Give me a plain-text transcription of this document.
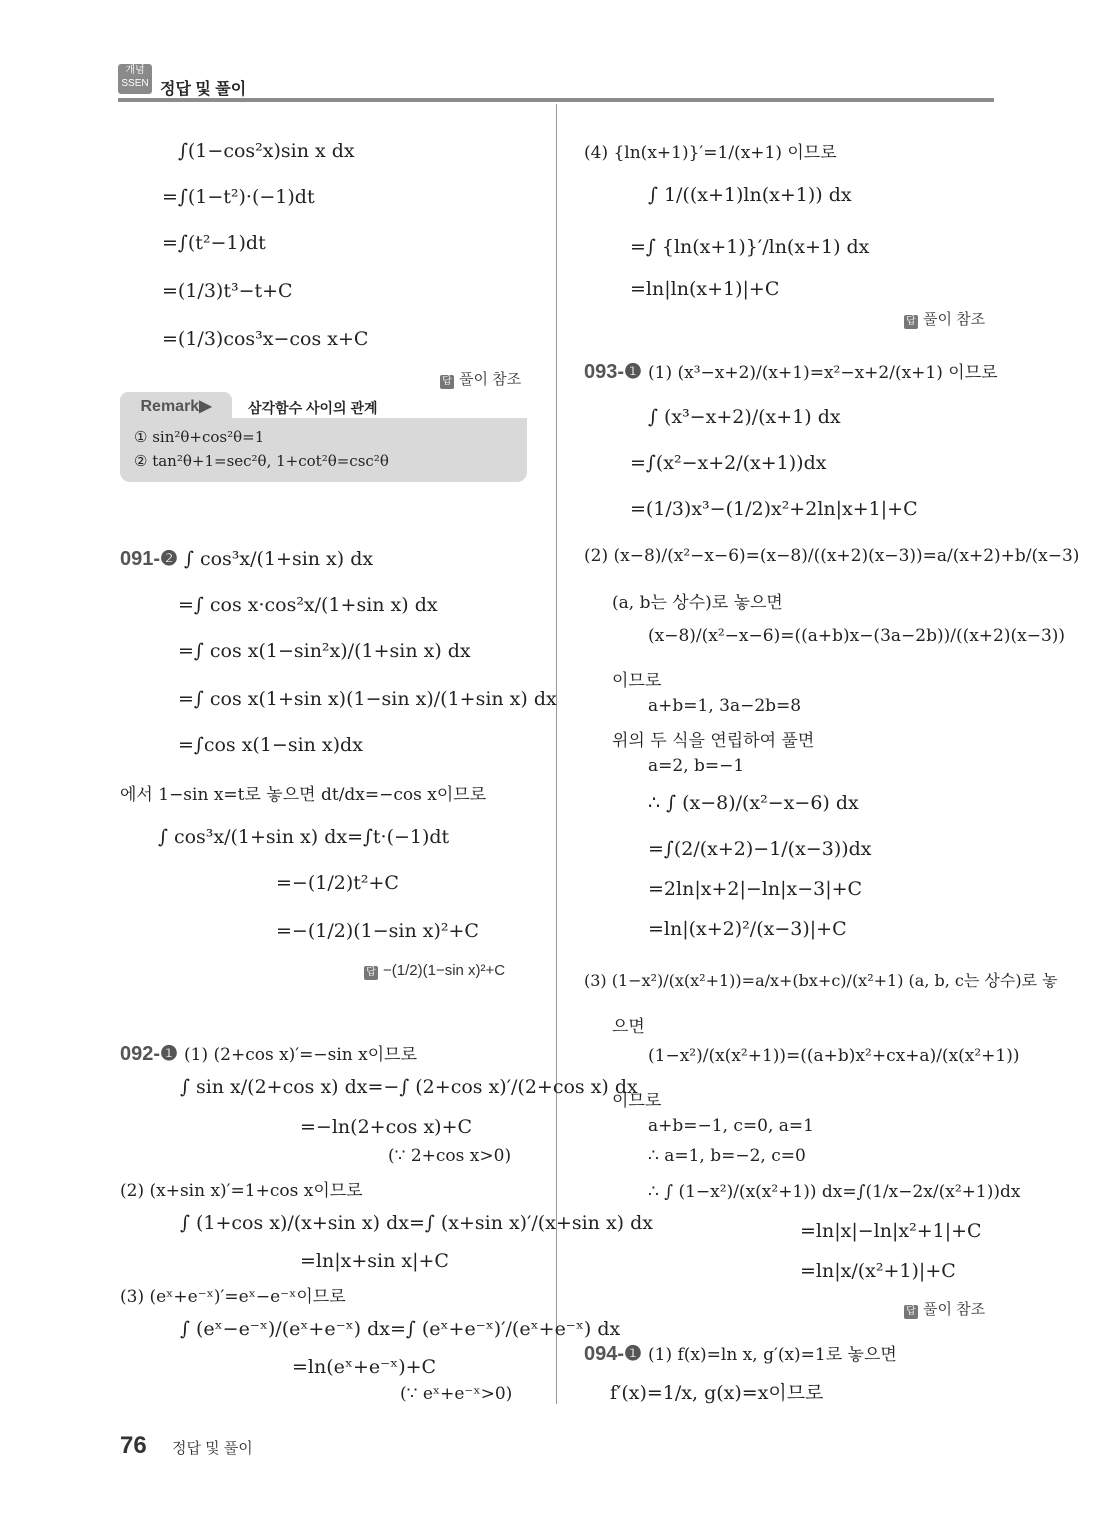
개념 SSEN 정답 및 풀이
∫(1−cos²x)sin x dx
=∫(1−t²)·(−1)dt
=∫(t²−1)dt
=(1/3)t³−t+C
=(1/3)cos³x−cos x+C
답 풀이 참조
Remark▶	삼각함수 사이의 관계
① sin²θ+cos²θ=1
② tan²θ+1=sec²θ, 1+cot²θ=csc²θ
091-❷ ∫ cos³x/(1+sin x) dx
=∫ cos x·cos²x/(1+sin x) dx
=∫ cos x(1−sin²x)/(1+sin x) dx
=∫ cos x(1+sin x)(1−sin x)/(1+sin x) dx
=∫cos x(1−sin x)dx
에서 1−sin x=t로 놓으면 dt/dx=−cos x이므로
∫ cos³x/(1+sin x) dx=∫t·(−1)dt
=−(1/2)t²+C
=−(1/2)(1−sin x)²+C
답 −(1/2)(1−sin x)²+C
092-❶ (1) (2+cos x)′=−sin x이므로
∫ sin x/(2+cos x) dx=−∫ (2+cos x)′/(2+cos x) dx
=−ln(2+cos x)+C
(∵ 2+cos x>0)
(2) (x+sin x)′=1+cos x이므로
∫ (1+cos x)/(x+sin x) dx=∫ (x+sin x)′/(x+sin x) dx
=ln|x+sin x|+C
(3) (eˣ+e⁻ˣ)′=eˣ−e⁻ˣ이므로
∫ (eˣ−e⁻ˣ)/(eˣ+e⁻ˣ) dx=∫ (eˣ+e⁻ˣ)′/(eˣ+e⁻ˣ) dx
=ln(eˣ+e⁻ˣ)+C
(∵ eˣ+e⁻ˣ>0)
(4) {ln(x+1)}′=1/(x+1) 이므로
∫ 1/((x+1)ln(x+1)) dx
=∫ {ln(x+1)}′/ln(x+1) dx
=ln|ln(x+1)|+C
답 풀이 참조
093-❶ (1) (x³−x+2)/(x+1)=x²−x+2/(x+1) 이므로
∫ (x³−x+2)/(x+1) dx
=∫(x²−x+2/(x+1))dx
=(1/3)x³−(1/2)x²+2ln|x+1|+C
(2) (x−8)/(x²−x−6)=(x−8)/((x+2)(x−3))=a/(x+2)+b/(x−3)
(a, b는 상수)로 놓으면
(x−8)/(x²−x−6)=((a+b)x−(3a−2b))/((x+2)(x−3))
이므로
a+b=1, 3a−2b=8
위의 두 식을 연립하여 풀면
a=2, b=−1
∴ ∫ (x−8)/(x²−x−6) dx
=∫(2/(x+2)−1/(x−3))dx
=2ln|x+2|−ln|x−3|+C
=ln|(x+2)²/(x−3)|+C
(3) (1−x²)/(x(x²+1))=a/x+(bx+c)/(x²+1) (a, b, c는 상수)로 놓
으면
(1−x²)/(x(x²+1))=((a+b)x²+cx+a)/(x(x²+1))
이므로
a+b=−1, c=0, a=1
∴ a=1, b=−2, c=0
∴ ∫ (1−x²)/(x(x²+1)) dx=∫(1/x−2x/(x²+1))dx
=ln|x|−ln|x²+1|+C
=ln|x/(x²+1)|+C
답 풀이 참조
094-❶ (1) f(x)=ln x, g′(x)=1로 놓으면
f′(x)=1/x, g(x)=x이므로
76 정답 및 풀이
